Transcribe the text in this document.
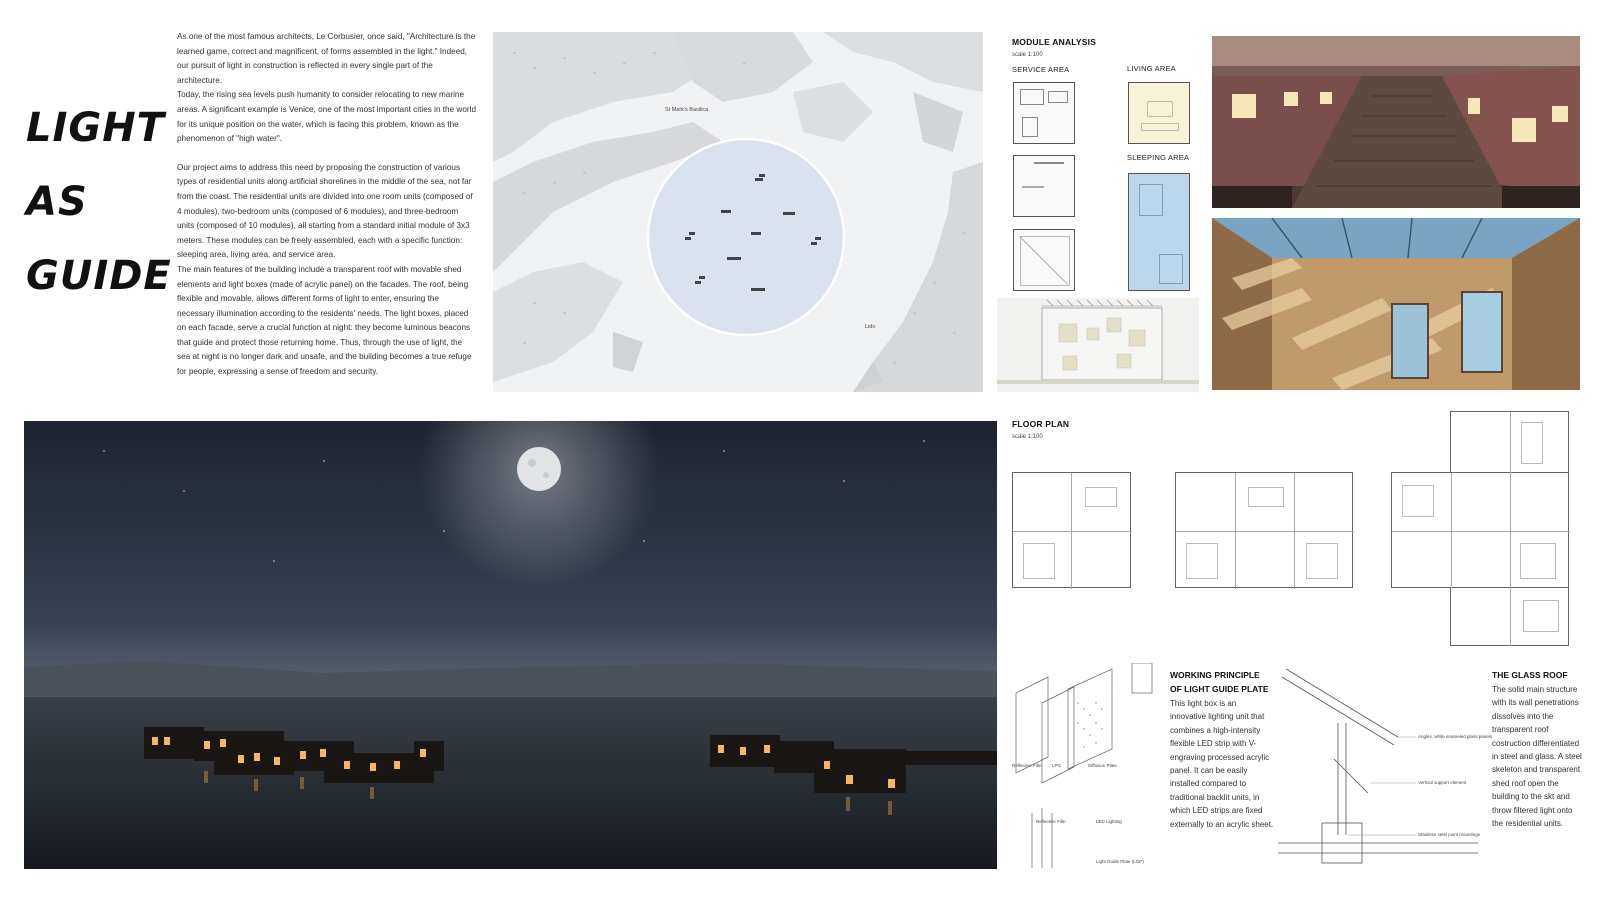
LIGHT
AS
GUIDE

As one of the most famous architects, Le Corbusier, once said, "Architecture is the learned game, correct and magnificent, of forms assembled in the light." Indeed, our pursuit of light in construction is reflected in every single part of the architecture.

Today, the rising sea levels push humanity to consider relocating to new marine areas. A significant example is Venice, one of the most important cities in the world for its unique position on the water, which is facing this problem, known as the phenomenon of "high water".

Our project aims to address this need by proposing the construction of various types of residential units along artificial shorelines in the middle of the sea, not far from the coast. The residential units are divided into one room units (composed of 4 modules), two-bedroom units (composed of 6 modules), and three-bedroom units (composed of 10 modules), all starting from a standard initial module of 3x3 meters. These modules can be freely assembled, each with a specific function: sleeping area, living area, and service area.

The main features of the building include a transparent roof with movable shed elements and light boxes (made of acrylic panel) on the facades. The roof, being flexible and movable, allows different forms of light to enter, ensuring the necessary illumination according to the residents' needs. The light boxes, placed on each facade, serve a crucial function at night: they become luminous beacons that guide and protect those returning home. Thus, through the use of light, the sea at night is no longer dark and unsafe, and the building becomes a true refuge for people, expressing a sense of freedom and security.

St Mark's Basilica
Lido
MODULE ANALYSIS
scale 1:100
SERVICE AREA	LIVING AREA
SLEEPING AREA
FLOOR PLAN
scale 1:100
Reflective Film LPG	Diffusion Plate
Reflective Film	LED Lighting
Light Guide Plate (LGP)
WORKING PRINCIPLE
OF LIGHT GUIDE PLATE
This light box is an innovative lighting unit that combines a high-intensity flexible LED strip with V-engraving processed acrylic panel. It can be easily installed compared to traditional backlit units, in which LED strips are fixed externally to an acrylic sheet.
Angles, white enameled glass panels
Vertical support element
Stainless steel point mountings
THE GLASS ROOF
The solid main structure with its wall penetrations dissolves into the transparent roof costruction differentiated in steel and glass. A steel skeleton and transparent shed roof open the building to the skt and throw filtered light onto the residential units.
